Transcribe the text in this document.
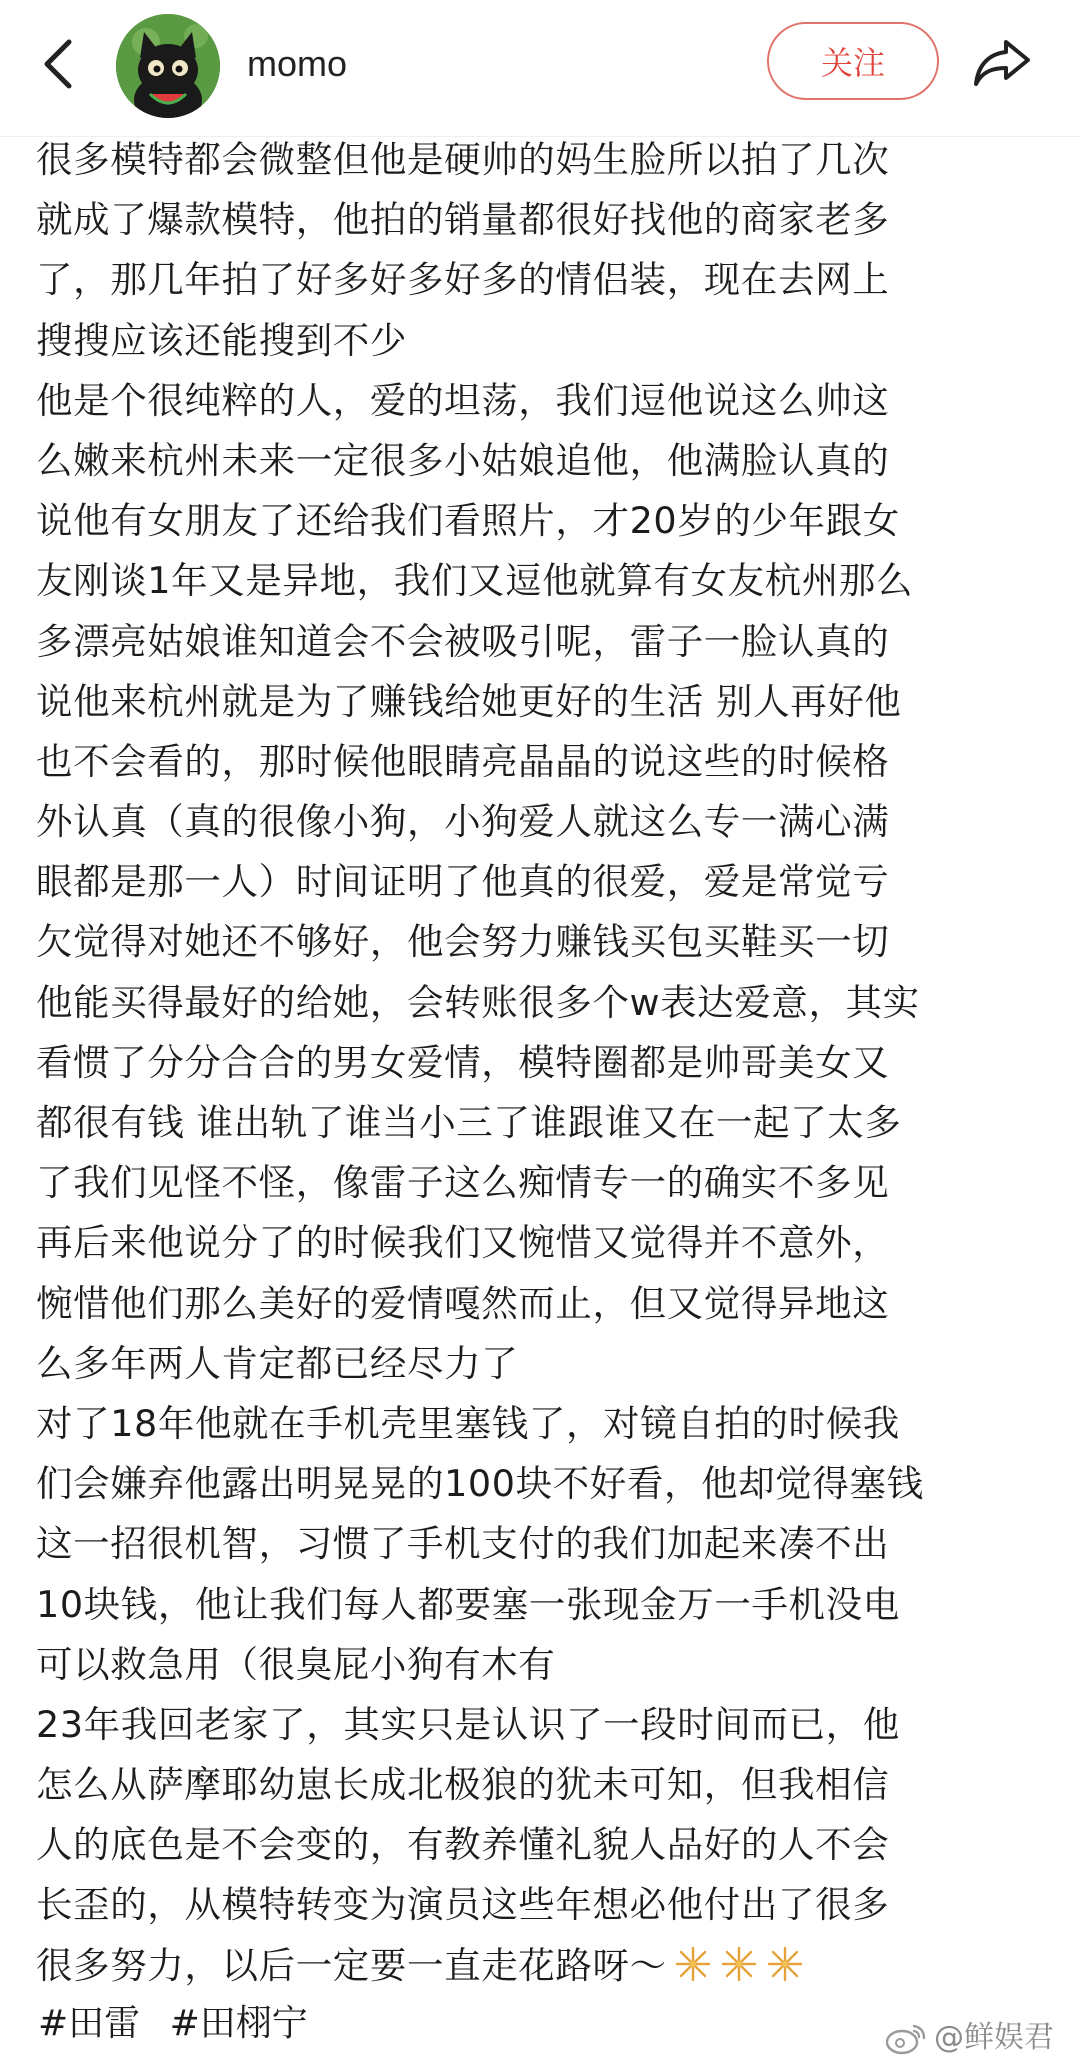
momo	关注
很多模特都会微整但他是硬帅的妈生脸所以拍了几次
就成了爆款模特，他拍的销量都很好找他的商家老多
了，那几年拍了好多好多好多的情侣装，现在去网上
搜搜应该还能搜到不少
他是个很纯粹的人，爱的坦荡，我们逗他说这么帅这
么嫩来杭州未来一定很多小姑娘追他，他满脸认真的
说他有女朋友了还给我们看照片，才20岁的少年跟女
友刚谈1年又是异地，我们又逗他就算有女友杭州那么
多漂亮姑娘谁知道会不会被吸引呢，雷子一脸认真的
说他来杭州就是为了赚钱给她更好的生活 别人再好他
也不会看的，那时候他眼睛亮晶晶的说这些的时候格
外认真（真的很像小狗，小狗爱人就这么专一满心满
眼都是那一人）时间证明了他真的很爱，爱是常觉亏
欠觉得对她还不够好，他会努力赚钱买包买鞋买一切
他能买得最好的给她，会转账很多个w表达爱意，其实
看惯了分分合合的男女爱情，模特圈都是帅哥美女又
都很有钱 谁出轨了谁当小三了谁跟谁又在一起了太多
了我们见怪不怪，像雷子这么痴情专一的确实不多见
再后来他说分了的时候我们又惋惜又觉得并不意外，
惋惜他们那么美好的爱情嘎然而止，但又觉得异地这
么多年两人肯定都已经尽力了
对了18年他就在手机壳里塞钱了，对镜自拍的时候我
们会嫌弃他露出明晃晃的100块不好看，他却觉得塞钱
这一招很机智，习惯了手机支付的我们加起来凑不出
10块钱，他让我们每人都要塞一张现金万一手机没电
可以救急用（很臭屁小狗有木有
23年我回老家了，其实只是认识了一段时间而已，他
怎么从萨摩耶幼崽长成北极狼的犹未可知，但我相信
人的底色是不会变的，有教养懂礼貌人品好的人不会
长歪的，从模特转变为演员这些年想必他付出了很多
很多努力，以后一定要一直走花路呀～
#田雷 #田栩宁	@鲜娱君
